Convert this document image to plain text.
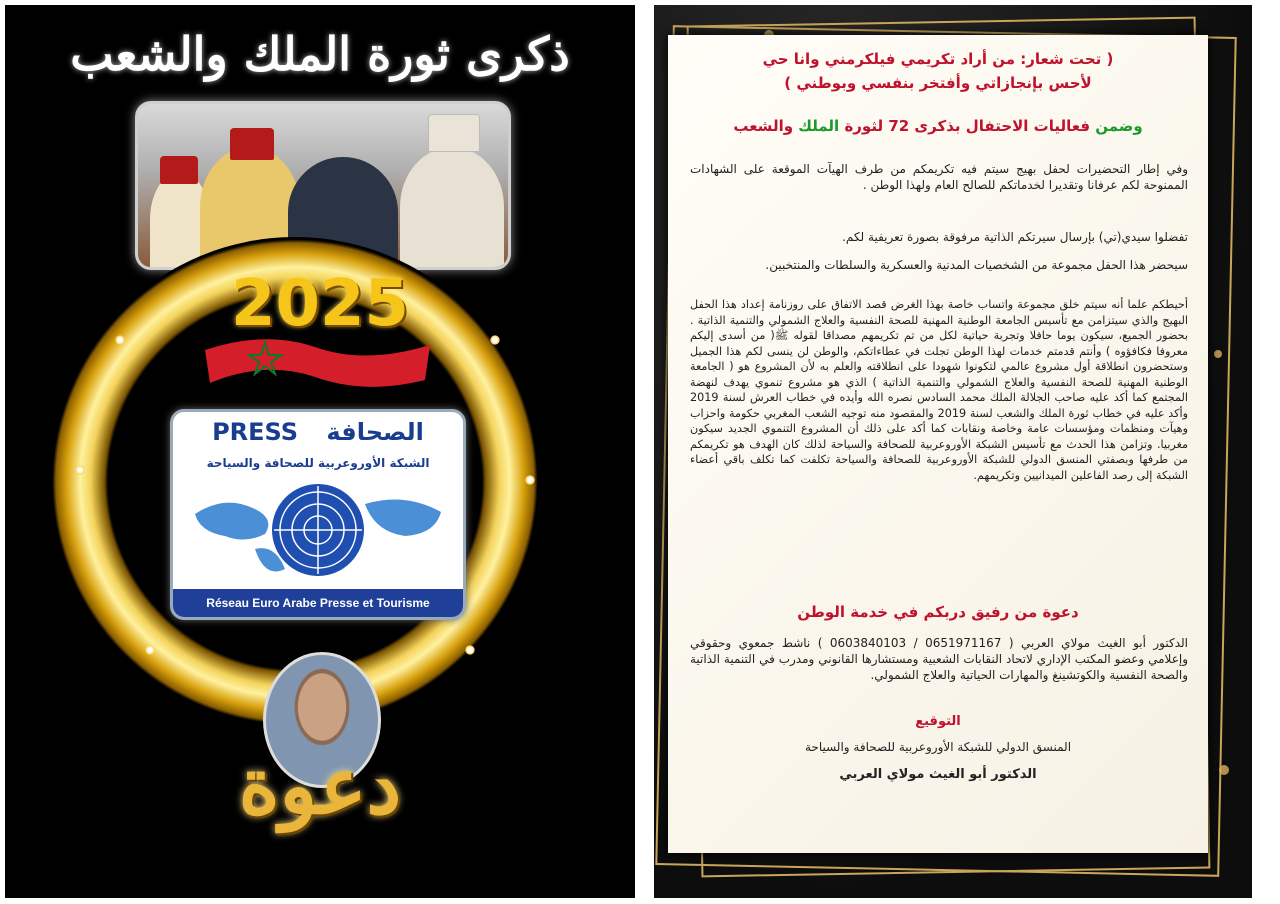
ذكرى ثورة الملك والشعب
2025
PRESS الصحافة
الشبكة الأوروعربية للصحافة والسياحة
Réseau Euro Arabe Presse et Tourisme
دعوة
( تحت شعار: من أراد تكريمي فيلكرمني وانا حي
لأحس بإنجازاتي وأفتخر بنفسي وبوطني )
وضمن فعاليات الاحتفال بذكرى 72 لثورة الملك والشعب
وفي إطار التحضيرات لحفل بهيج سيتم فيه تكريمكم من طرف الهيآت الموقعة على الشهادات الممنوحة لكم عرفانا وتقديرا لخدماتكم للصالح العام ولهذا الوطن .
تفضلوا سيدي(تي) بإرسال سيرتكم الذاتية مرفوقة بصورة تعريفية لكم.
سيحضر هذا الحفل مجموعة من الشخصيات المدنية والعسكرية والسلطات والمنتخبين.
أحيطكم علما أنه سيتم خلق مجموعة واتساب خاصة بهذا الغرض قصد الاتفاق على روزنامة إعداد هذا الحفل البهيج والذي سيتزامن مع تأسيس الجامعة الوطنية المهنية للصحة النفسية والعلاج الشمولي والتنمية الذاتية . بحضور الجميع، سيكون يوما حافلا وتجربة حياتية لكل من تم تكريمهم مصداقا لقوله ﷺ( من أسدى إليكم معروفا فكافؤوه ) وأنتم قدمتم خدمات لهذا الوطن تجلت في عطاءاتكم، والوطن لن ينسى لكم هذا الجميل وستحضرون انطلاقة أول مشروع عالمي لتكونوا شهودا على انطلاقته والعلم به لأن المشروع هو ( الجامعة الوطنية المهنية للصحة النفسية والعلاج الشمولي والتنمية الذاتية ) الذي هو مشروع تنموي يهدف لنهضة المجتمع كما أكد عليه صاحب الجلالة الملك محمد السادس نصره الله وأيده في خطاب العرش لسنة 2019 وأكد عليه في خطاب ثورة الملك والشعب لسنة 2019 والمقصود منه توجيه الشعب المغربي حكومة واحزاب وهيآت ومنظمات ومؤسسات عامة وخاصة ونقابات كما أكد على ذلك أن المشروع التنموي الجديد سيكون مغربيا. وتزامن هذا الحدث مع تأسيس الشبكة الأوروعربية للصحافة والسياحة لذلك كان الهدف هو تكريمكم من طرفها وبصفتي المنسق الدولي للشبكة الأوروعربية للصحافة والسياحة تكلفت كما تكلف باقي أعضاء الشبكة إلى رصد الفاعلين الميدانيين وتكريمهم.
دعوة من رفيق دربكم في خدمة الوطن
الدكتور أبو الغيث مولاي العربي ( 0651971167 / 0603840103 ) ناشط جمعوي وحقوقي وإعلامي وعضو المكتب الإداري لاتحاد النقابات الشعبية ومستشارها القانوني ومدرب في التنمية الذاتية والصحة النفسية والكوتشينغ والمهارات الحياتية والعلاج الشمولي.
التوقيع
المنسق الدولي للشبكة الأوروعربية للصحافة والسياحة
الدكتور أبو الغيث مولاي العربي
